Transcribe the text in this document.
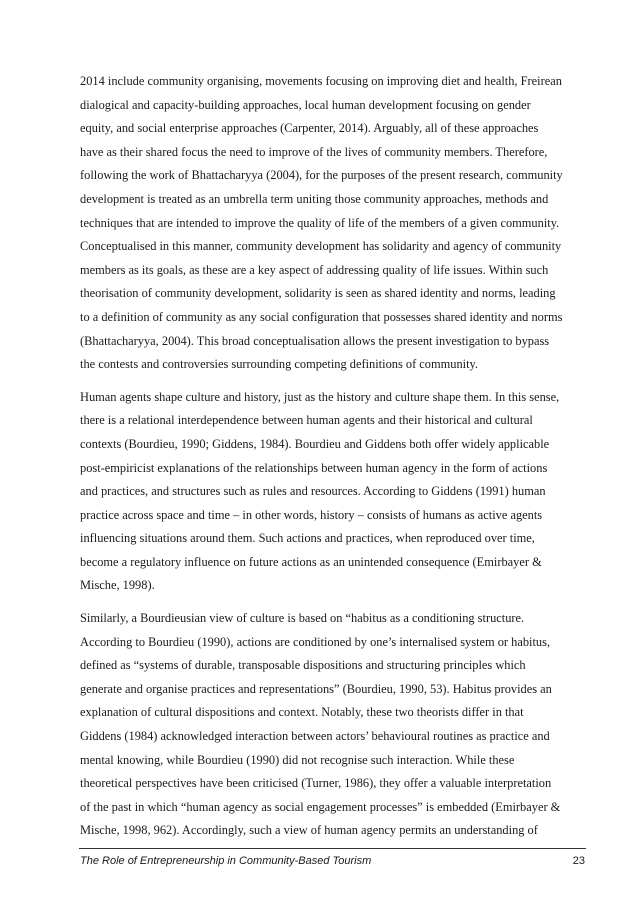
2014 include community organising, movements focusing on improving diet and health, Freirean
dialogical and capacity-building approaches, local human development focusing on gender
equity, and social enterprise approaches (Carpenter, 2014). Arguably, all of these approaches
have as their shared focus the need to improve of the lives of community members. Therefore,
following the work of Bhattacharyya (2004), for the purposes of the present research, community
development is treated as an umbrella term uniting those community approaches, methods and
techniques that are intended to improve the quality of life of the members of a given community.
Conceptualised in this manner, community development has solidarity and agency of community
members as its goals, as these are a key aspect of addressing quality of life issues. Within such
theorisation of community development, solidarity is seen as shared identity and norms, leading
to a definition of community as any social configuration that possesses shared identity and norms
(Bhattacharyya, 2004). This broad conceptualisation allows the present investigation to bypass
the contests and controversies surrounding competing definitions of community.

Human agents shape culture and history, just as the history and culture shape them. In this sense,
there is a relational interdependence between human agents and their historical and cultural
contexts (Bourdieu, 1990; Giddens, 1984). Bourdieu and Giddens both offer widely applicable
post-empiricist explanations of the relationships between human agency in the form of actions
and practices, and structures such as rules and resources. According to Giddens (1991) human
practice across space and time – in other words, history – consists of humans as active agents
influencing situations around them. Such actions and practices, when reproduced over time,
become a regulatory influence on future actions as an unintended consequence (Emirbayer &
Mische, 1998).

Similarly, a Bourdieusian view of culture is based on “habitus as a conditioning structure.
According to Bourdieu (1990), actions are conditioned by one’s internalised system or habitus,
defined as “systems of durable, transposable dispositions and structuring principles which
generate and organise practices and representations” (Bourdieu, 1990, 53). Habitus provides an
explanation of cultural dispositions and context. Notably, these two theorists differ in that
Giddens (1984) acknowledged interaction between actors’ behavioural routines as practice and
mental knowing, while Bourdieu (1990) did not recognise such interaction. While these
theoretical perspectives have been criticised (Turner, 1986), they offer a valuable interpretation
of the past in which “human agency as social engagement processes” is embedded (Emirbayer &
Mische, 1998, 962). Accordingly, such a view of human agency permits an understanding of

The Role of Entrepreneurship in Community-Based Tourism	23
